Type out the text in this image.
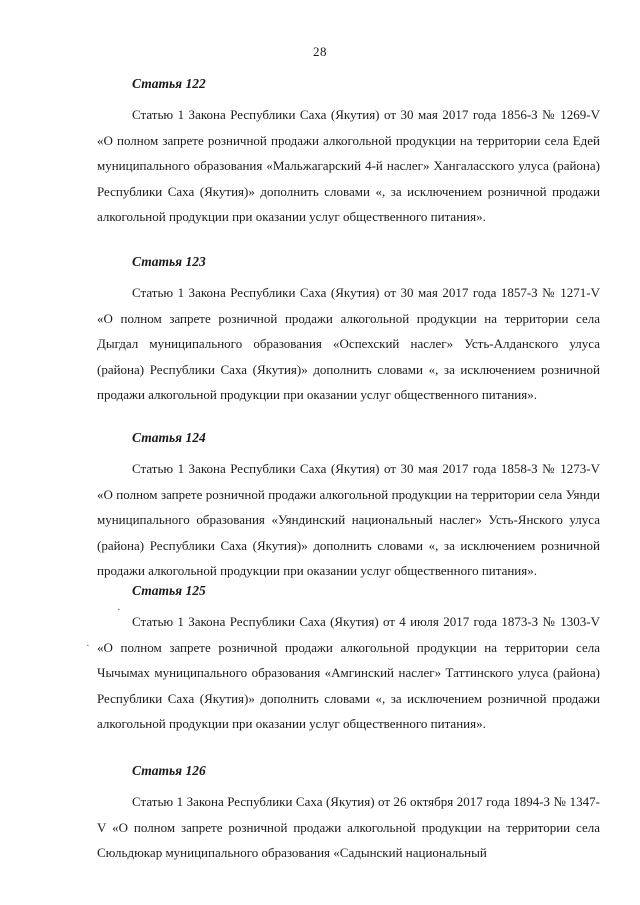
28
Статья 122
Статью 1 Закона Республики Саха (Якутия) от 30 мая 2017 года 1856-З № 1269-V «О полном запрете розничной продажи алкогольной продукции на территории села Едей муниципального образования «Мальжагарский 4-й наслег» Хангаласского улуса (района) Республики Саха (Якутия)» дополнить словами «, за исключением розничной продажи алкогольной продукции при оказании услуг общественного питания».
Статья 123
Статью 1 Закона Республики Саха (Якутия) от 30 мая 2017 года 1857-З № 1271-V «О полном запрете розничной продажи алкогольной продукции на территории села Дыгдал муниципального образования «Оспехский наслег» Усть-Алданского улуса (района) Республики Саха (Якутия)» дополнить словами «, за исключением розничной продажи алкогольной продукции при оказании услуг общественного питания».
Статья 124
Статью 1 Закона Республики Саха (Якутия) от 30 мая 2017 года 1858-З № 1273-V «О полном запрете розничной продажи алкогольной продукции на территории села Уянди муниципального образования «Уяндинский национальный наслег» Усть-Янского улуса (района) Республики Саха (Якутия)» дополнить словами «, за исключением розничной продажи алкогольной продукции при оказании услуг общественного питания».
Статья 125
Статью 1 Закона Республики Саха (Якутия) от 4 июля 2017 года 1873-З № 1303-V «О полном запрете розничной продажи алкогольной продукции на территории села Чычымах муниципального образования «Амгинский наслег» Таттинского улуса (района) Республики Саха (Якутия)» дополнить словами «, за исключением розничной продажи алкогольной продукции при оказании услуг общественного питания».
Статья 126
Статью 1 Закона Республики Саха (Якутия) от 26 октября 2017 года 1894-З № 1347-V «О полном запрете розничной продажи алкогольной продукции на территории села Сюльдюкар муниципального образования «Садынский национальный
·
·
